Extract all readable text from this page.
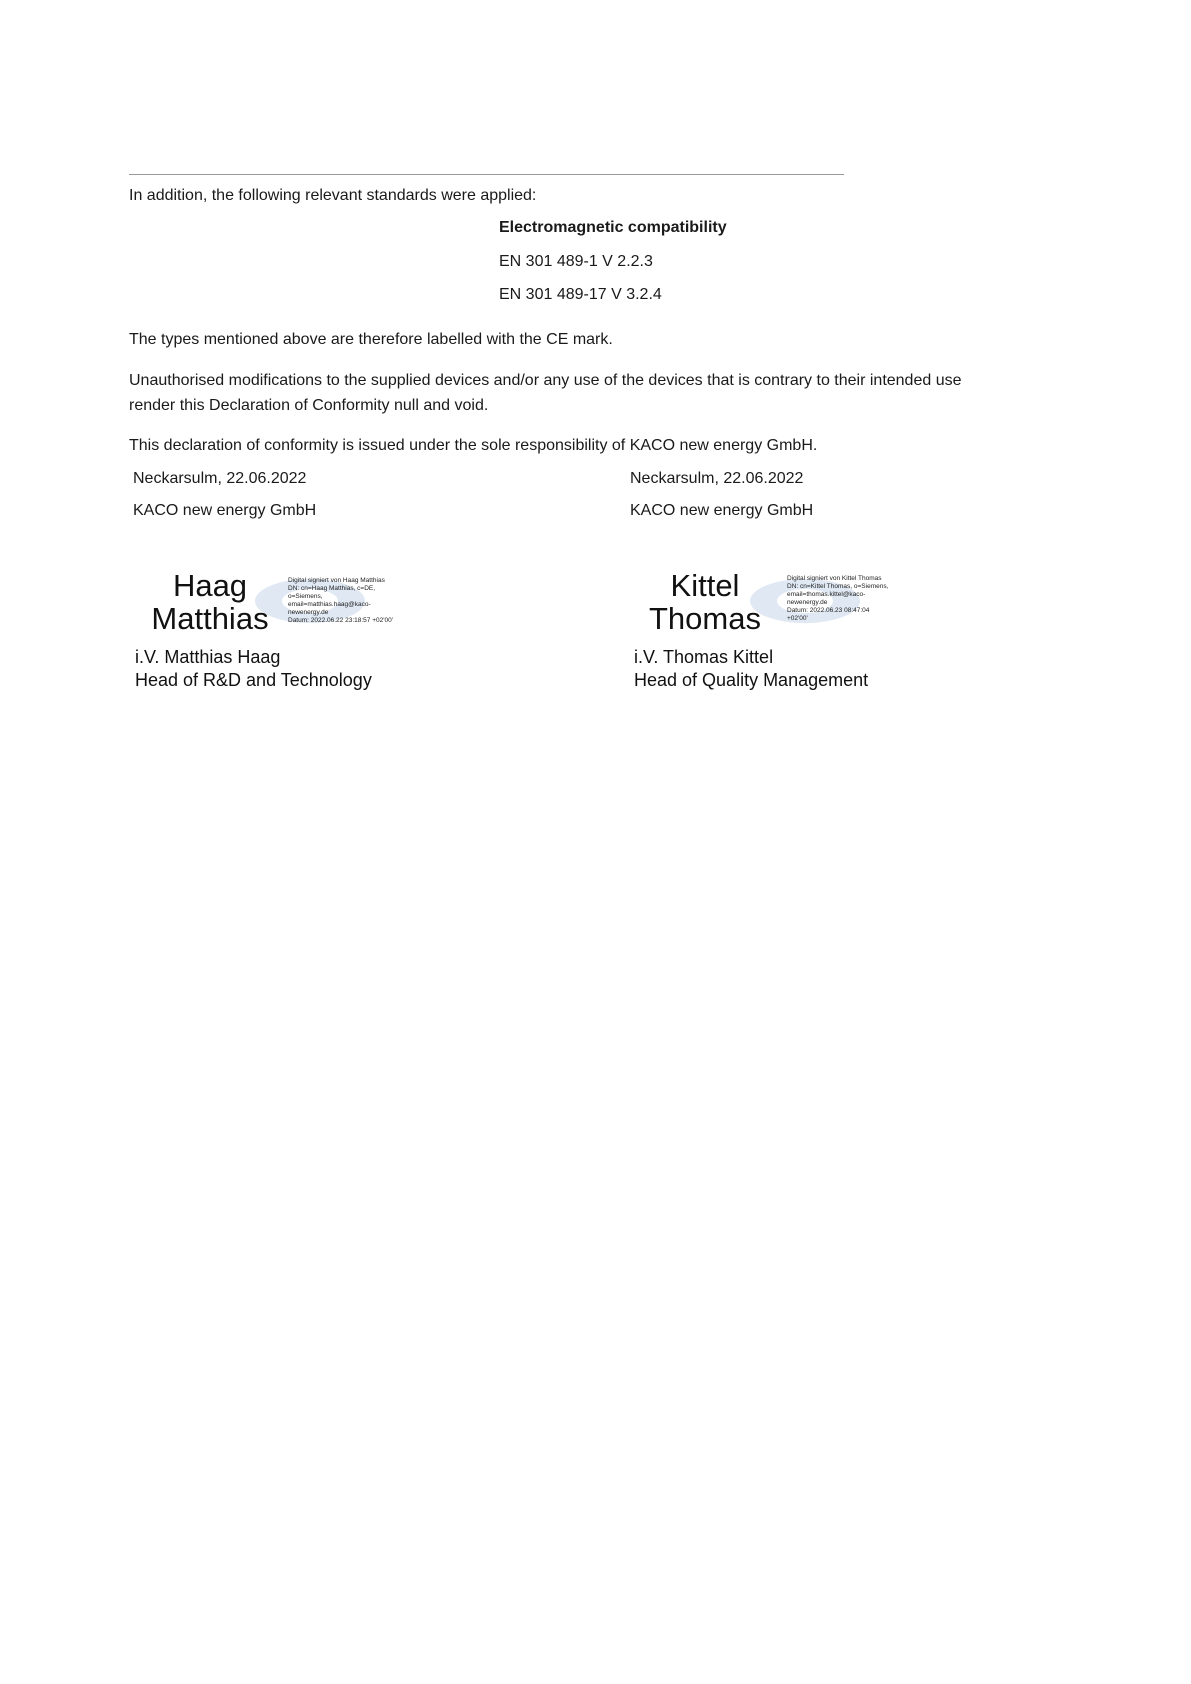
In addition, the following relevant standards were applied:
Electromagnetic compatibility
EN 301 489-1 V 2.2.3
EN 301 489-17 V 3.2.4
The types mentioned above are therefore labelled with the CE mark.
Unauthorised modifications to the supplied devices and/or any use of the devices that is contrary to their intended use
render this Declaration of Conformity null and void.
This declaration of conformity is issued under the sole responsibility of KACO new energy GmbH.
Neckarsulm, 22.06.2022
KACO new energy GmbH
Haag
Matthias
Digital signiert von Haag Matthias
DN: cn=Haag Matthias, c=DE,
o=Siemens,
email=matthias.haag@kaco-
newenergy.de
Datum: 2022.06.22 23:18:57 +02'00'
i.V. Matthias Haag
Head of R&D and Technology
Neckarsulm, 22.06.2022
KACO new energy GmbH
Kittel
Thomas
Digital signiert von Kittel Thomas
DN: cn=Kittel Thomas, o=Siemens,
email=thomas.kittel@kaco-
newenergy.de
Datum: 2022.06.23 08:47:04
+02'00'
i.V. Thomas Kittel
Head of Quality Management
